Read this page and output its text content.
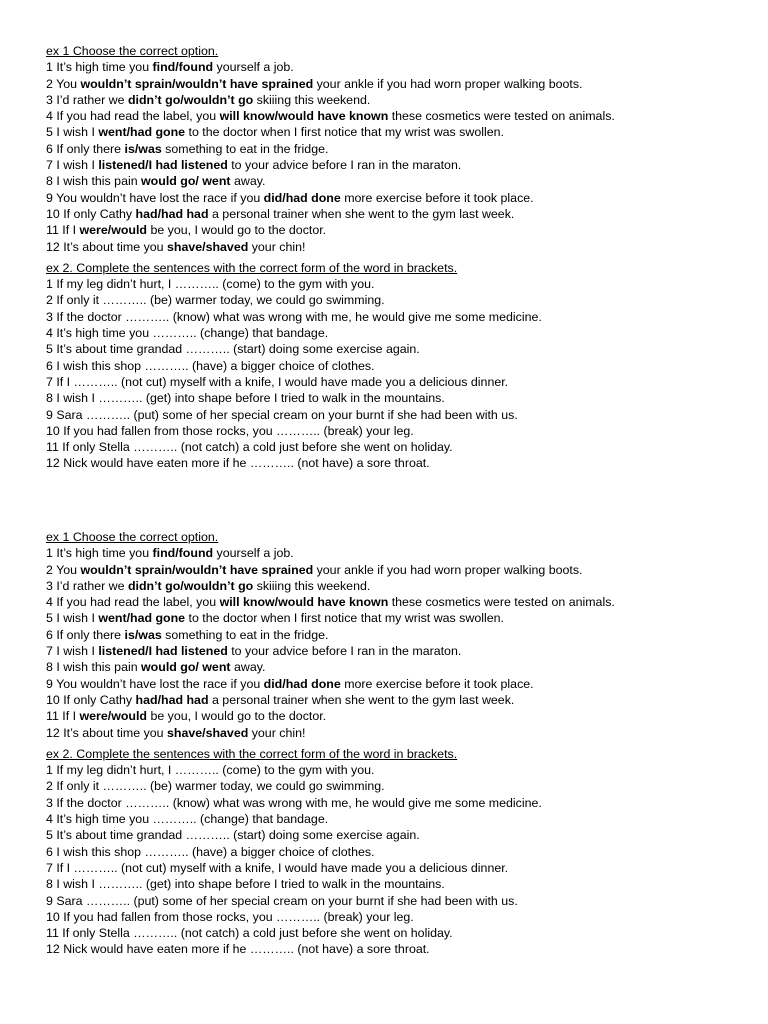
ex 1 Choose the correct option.
1 It’s high time you find/found yourself a job.
2 You wouldn’t sprain/wouldn’t have sprained your ankle if you had worn proper walking boots.
3 I’d rather we didn’t go/wouldn’t go skiiing this weekend.
4 If you had read the label, you will know/would have known these cosmetics were tested on animals.
5 I wish I went/had gone to the doctor when I first notice that my wrist was swollen.
6 If only there is/was something to eat in the fridge.
7 I wish I listened/I had listened to your advice before I ran in the maraton.
8 I wish this pain would go/ went away.
9 You wouldn’t have lost the race if you did/had done more exercise before it took place.
10 If only Cathy had/had had a personal trainer when she went to the gym last week.
11 If I were/would be you, I would go to the doctor.
12 It’s about time you shave/shaved your chin!
ex 2. Complete the sentences with the correct form of the word in brackets.
1 If my leg didn’t hurt, I ……….. (come) to the gym with you.
2 If only it ……….. (be) warmer today, we could go swimming.
3 If the doctor ……….. (know) what was wrong with me, he would give me some medicine.
4 It’s high time you ……….. (change) that bandage.
5 It’s about time grandad ……….. (start) doing some exercise again.
6 I wish this shop ……….. (have) a bigger choice of clothes.
7 If I ……….. (not cut) myself with a knife, I would have made you a delicious dinner.
8 I wish I ……….. (get) into shape before I tried to walk in the mountains.
9 Sara ……….. (put) some of her special cream on your burnt if she had been with us.
10 If you had fallen from those rocks, you ……….. (break) your leg.
11 If only Stella ……….. (not catch) a cold just before she went on holiday.
12 Nick would have eaten more if he ……….. (not have) a sore throat.
ex 1 Choose the correct option.
1 It’s high time you find/found yourself a job.
2 You wouldn’t sprain/wouldn’t have sprained your ankle if you had worn proper walking boots.
3 I’d rather we didn’t go/wouldn’t go skiiing this weekend.
4 If you had read the label, you will know/would have known these cosmetics were tested on animals.
5 I wish I went/had gone to the doctor when I first notice that my wrist was swollen.
6 If only there is/was something to eat in the fridge.
7 I wish I listened/I had listened to your advice before I ran in the maraton.
8 I wish this pain would go/ went away.
9 You wouldn’t have lost the race if you did/had done more exercise before it took place.
10 If only Cathy had/had had a personal trainer when she went to the gym last week.
11 If I were/would be you, I would go to the doctor.
12 It’s about time you shave/shaved your chin!
ex 2. Complete the sentences with the correct form of the word in brackets.
1 If my leg didn’t hurt, I ……….. (come) to the gym with you.
2 If only it ……….. (be) warmer today, we could go swimming.
3 If the doctor ……….. (know) what was wrong with me, he would give me some medicine.
4 It’s high time you ……….. (change) that bandage.
5 It’s about time grandad ……….. (start) doing some exercise again.
6 I wish this shop ……….. (have) a bigger choice of clothes.
7 If I ……….. (not cut) myself with a knife, I would have made you a delicious dinner.
8 I wish I ……….. (get) into shape before I tried to walk in the mountains.
9 Sara ……….. (put) some of her special cream on your burnt if she had been with us.
10 If you had fallen from those rocks, you ……….. (break) your leg.
11 If only Stella ……….. (not catch) a cold just before she went on holiday.
12 Nick would have eaten more if he ……….. (not have) a sore throat.
